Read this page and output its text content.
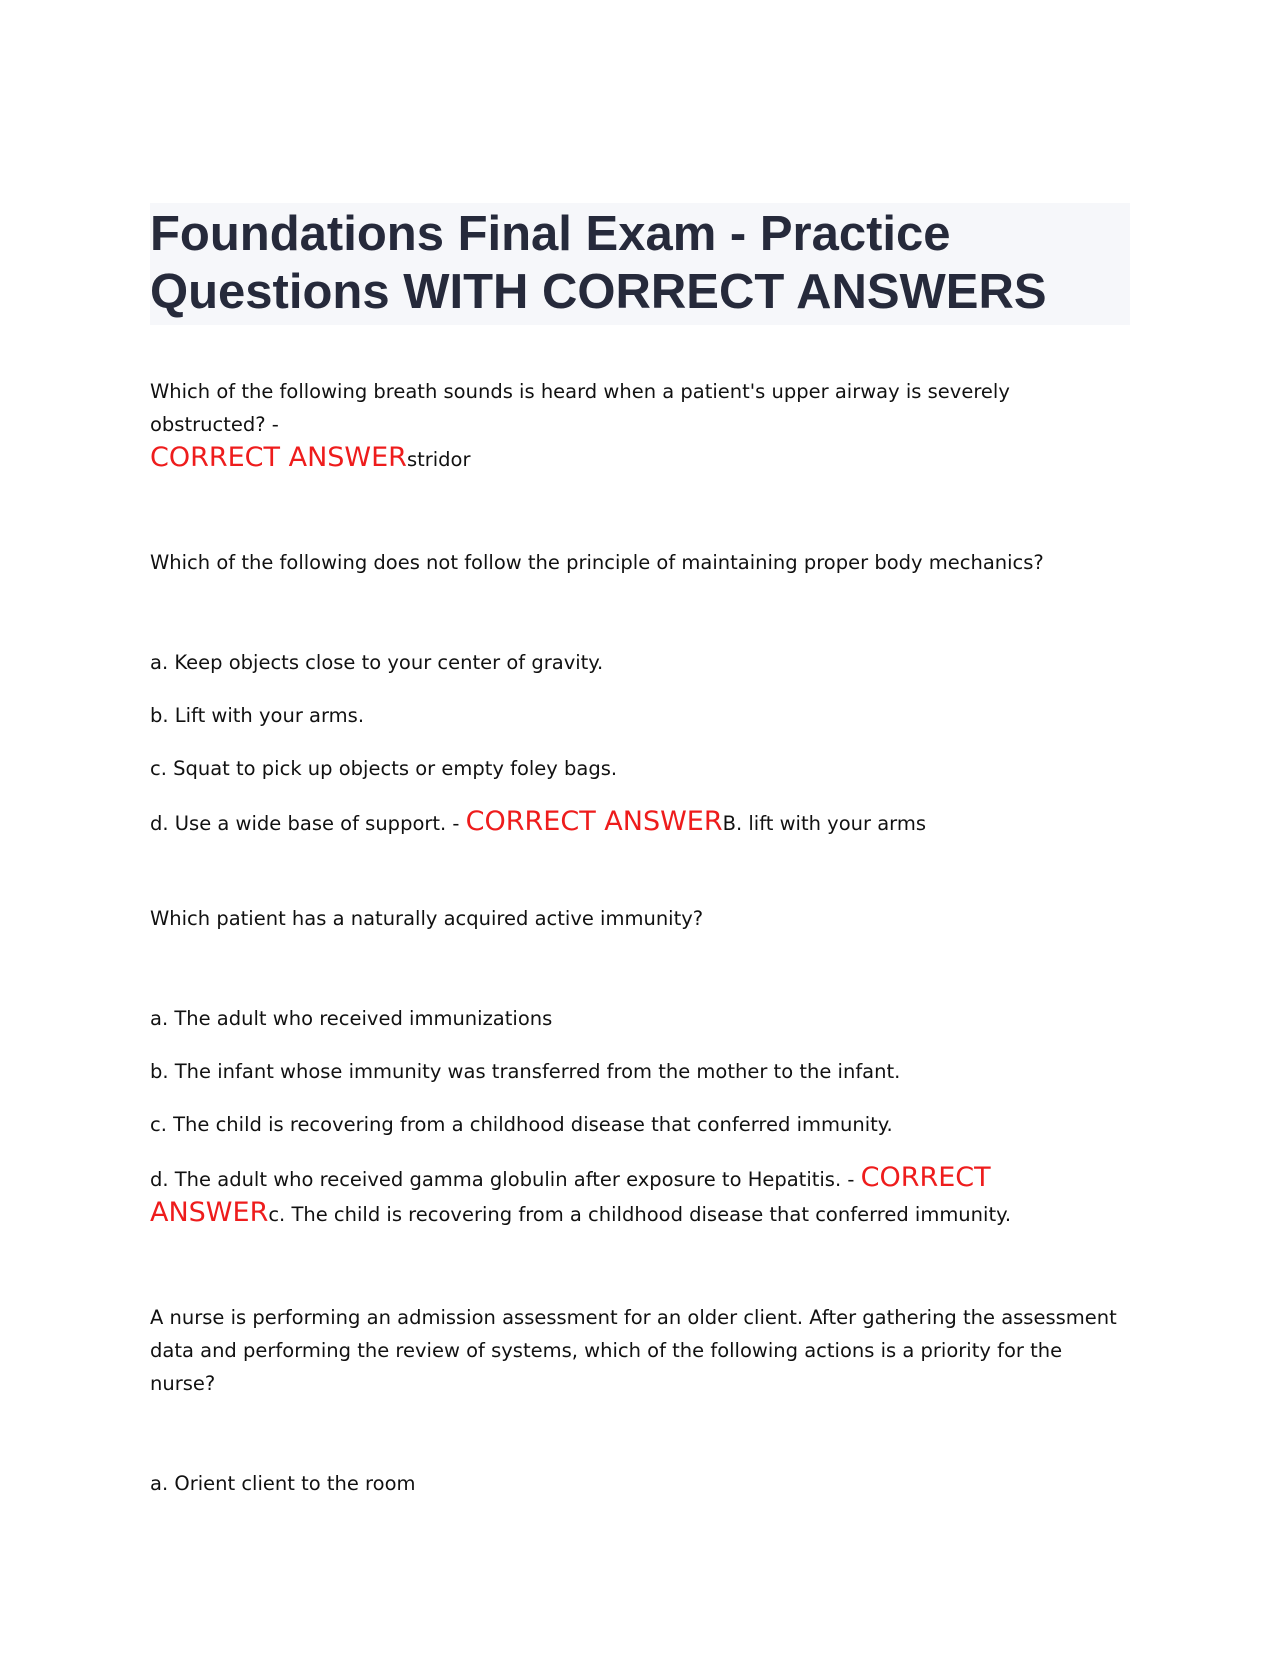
Foundations Final Exam - Practice Questions WITH CORRECT ANSWERS

Which of the following breath sounds is heard when a patient's upper airway is severely obstructed? -
CORRECT ANSWERstridor

Which of the following does not follow the principle of maintaining proper body mechanics?

a. Keep objects close to your center of gravity.

b. Lift with your arms.

c. Squat to pick up objects or empty foley bags.

d. Use a wide base of support. - CORRECT ANSWERB. lift with your arms

Which patient has a naturally acquired active immunity?

a. The adult who received immunizations

b. The infant whose immunity was transferred from the mother to the infant.

c. The child is recovering from a childhood disease that conferred immunity.

d. The adult who received gamma globulin after exposure to Hepatitis. - CORRECT ANSWERc. The child is recovering from a childhood disease that conferred immunity.

A nurse is performing an admission assessment for an older client. After gathering the assessment data and performing the review of systems, which of the following actions is a priority for the nurse?

a. Orient client to the room
